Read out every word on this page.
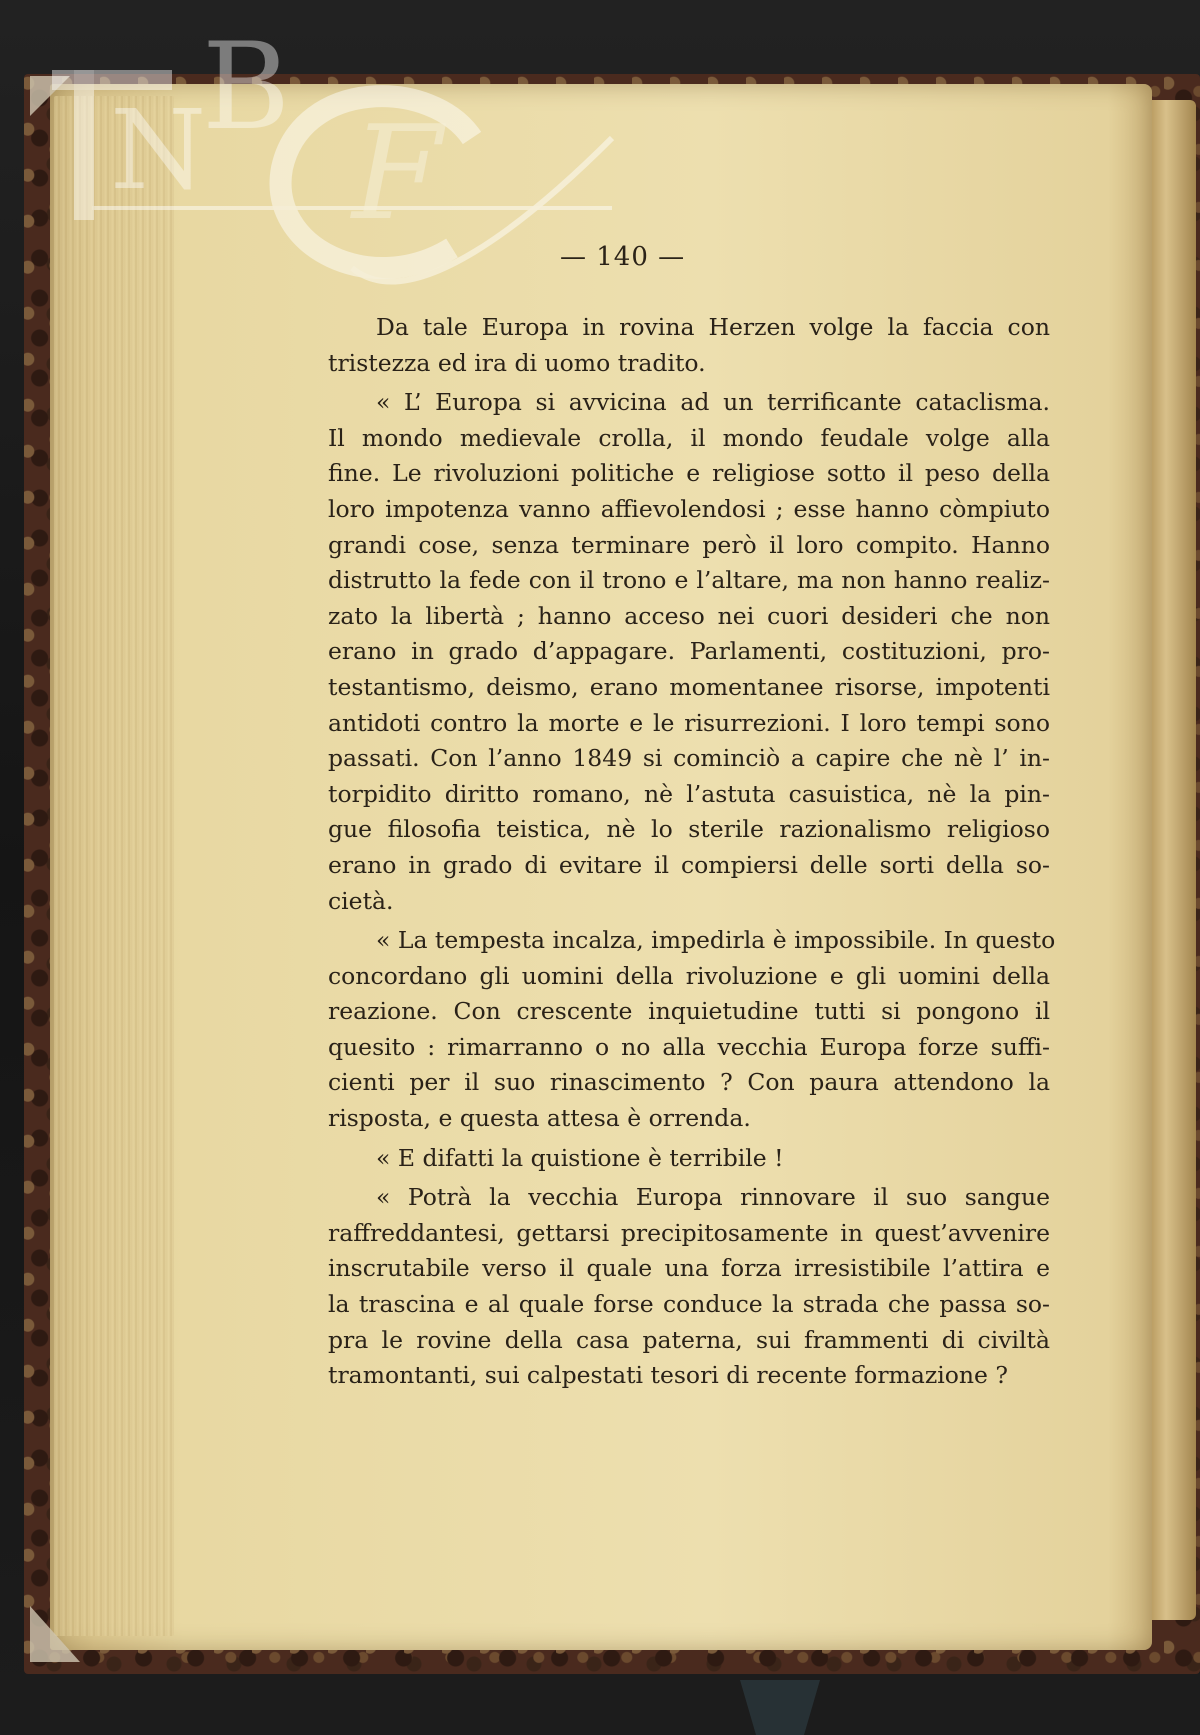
N
B
F
— 140 —
Da tale Europa in rovina Herzen volge la faccia con
tristezza ed ira di uomo tradito.
« L’ Europa si avvicina ad un terrificante cataclisma.
Il mondo medievale crolla, il mondo feudale volge alla
fine. Le rivoluzioni politiche e religiose sotto il peso della
loro impotenza vanno affievolendosi ; esse hanno còmpiuto
grandi cose, senza terminare però il loro compito. Hanno
distrutto la fede con il trono e l’altare, ma non hanno realiz-
zato la libertà ; hanno acceso nei cuori desideri che non
erano in grado d’appagare. Parlamenti, costituzioni, pro-
testantismo, deismo, erano momentanee risorse, impotenti
antidoti contro la morte e le risurrezioni. I loro tempi sono
passati. Con l’anno 1849 si cominciò a capire che nè l’ in-
torpidito diritto romano, nè l’astuta casuistica, nè la pin-
gue filosofia teistica, nè lo sterile razionalismo religioso
erano in grado di evitare il compiersi delle sorti della so-
cietà.
« La tempesta incalza, impedirla è impossibile. In questo
concordano gli uomini della rivoluzione e gli uomini della
reazione. Con crescente inquietudine tutti si pongono il
quesito : rimarranno o no alla vecchia Europa forze suffi-
cienti per il suo rinascimento ? Con paura attendono la
risposta, e questa attesa è orrenda.
« E difatti la quistione è terribile !
« Potrà la vecchia Europa rinnovare il suo sangue
raffreddantesi, gettarsi precipitosamente in quest’avvenire
inscrutabile verso il quale una forza irresistibile l’attira e
la trascina e al quale forse conduce la strada che passa so-
pra le rovine della casa paterna, sui frammenti di civiltà
tramontanti, sui calpestati tesori di recente formazione ?
